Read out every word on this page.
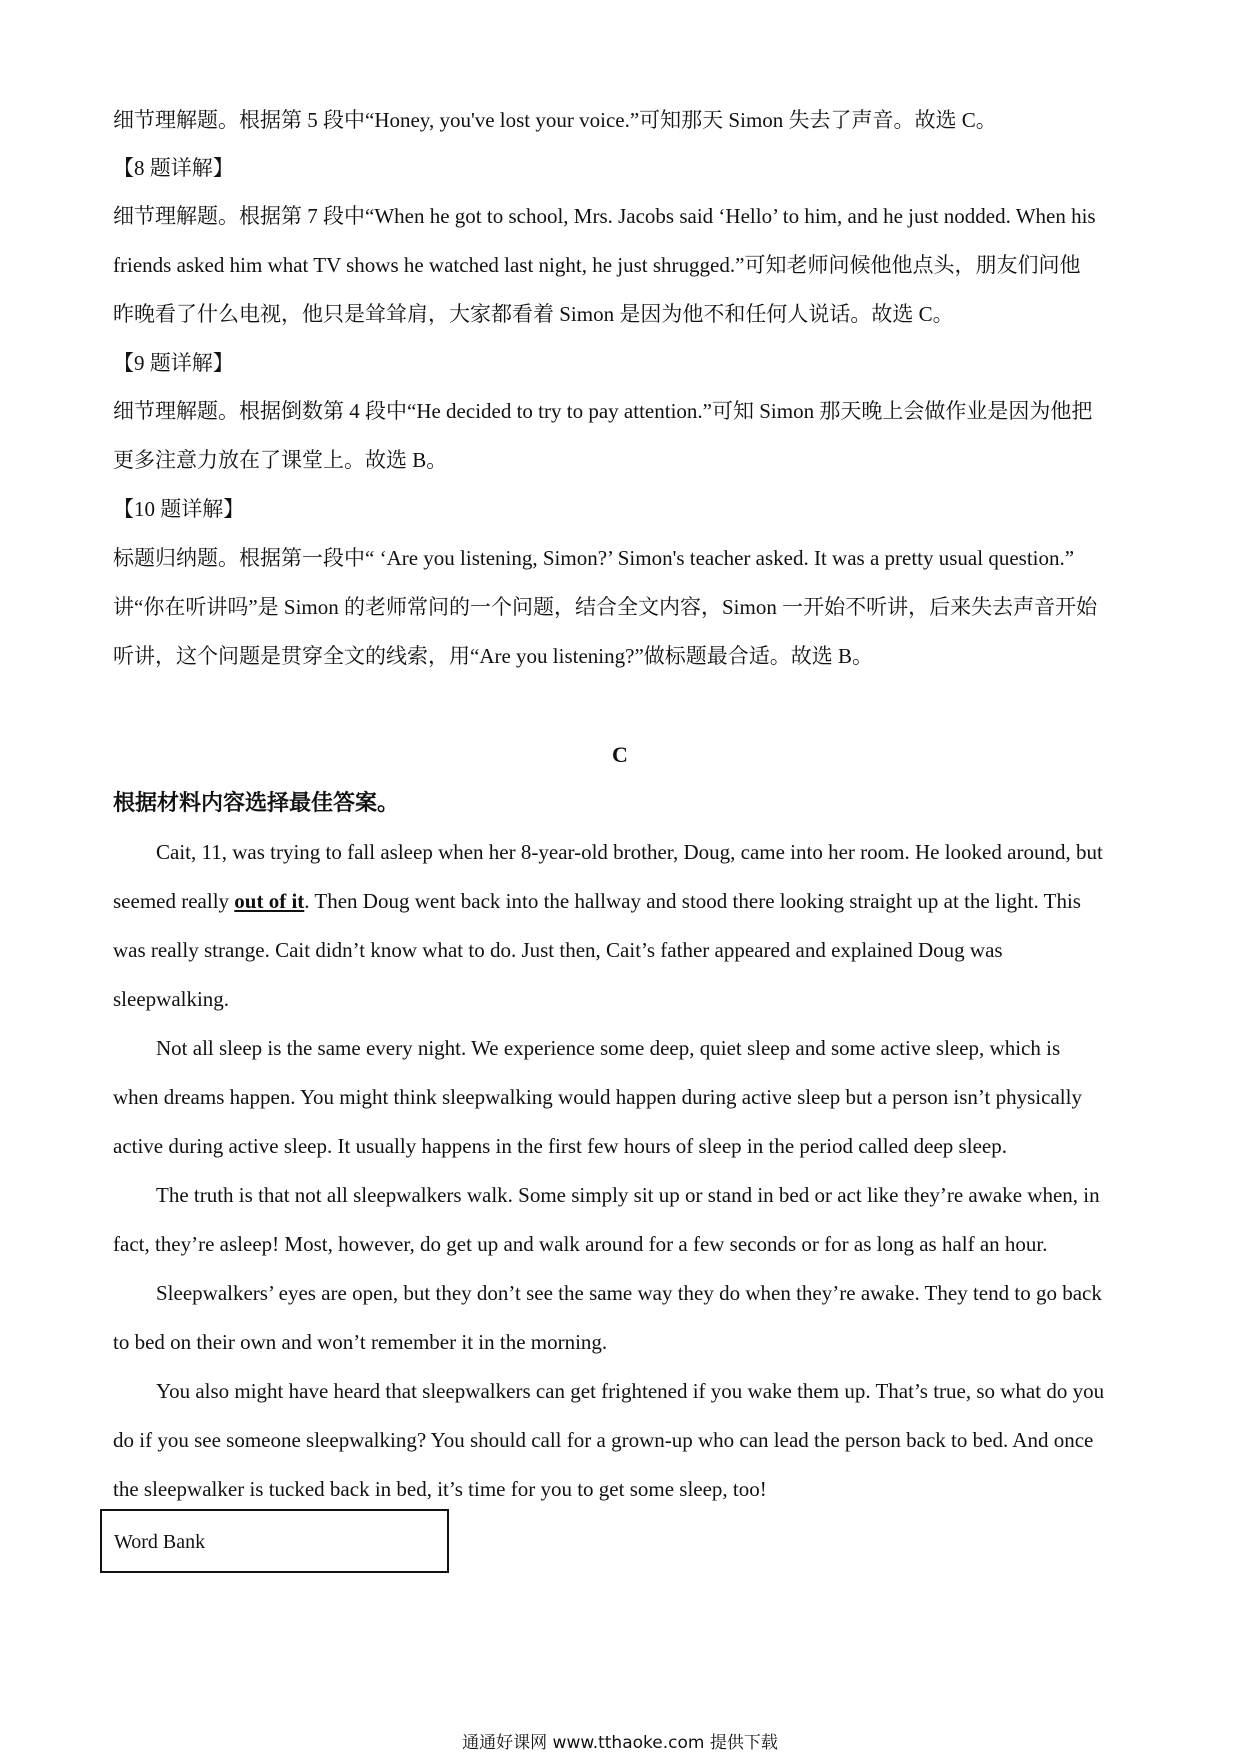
细节理解题。根据第 5 段中“Honey, you've lost your voice.”可知那天 Simon 失去了声音。故选 C。
【8 题详解】
细节理解题。根据第 7 段中“When he got to school, Mrs. Jacobs said ‘Hello’ to him, and he just nodded. When his
friends asked him what TV shows he watched last night, he just shrugged.”可知老师问候他他点头，朋友们问他
昨晚看了什么电视，他只是耸耸肩，大家都看着 Simon 是因为他不和任何人说话。故选 C。
【9 题详解】
细节理解题。根据倒数第 4 段中“He decided to try to pay attention.”可知 Simon 那天晚上会做作业是因为他把
更多注意力放在了课堂上。故选 B。
【10 题详解】
标题归纳题。根据第一段中“ ‘Are you listening, Simon?’ Simon's teacher asked. It was a pretty usual question.”
讲“你在听讲吗”是 Simon 的老师常问的一个问题，结合全文内容，Simon 一开始不听讲，后来失去声音开始
听讲，这个问题是贯穿全文的线索，用“Are you listening?”做标题最合适。故选 B。
C
根据材料内容选择最佳答案。
Cait, 11, was trying to fall asleep when her 8-year-old brother, Doug, came into her room. He looked around, but
seemed really out of it. Then Doug went back into the hallway and stood there looking straight up at the light. This
was really strange. Cait didn’t know what to do. Just then, Cait’s father appeared and explained Doug was
sleepwalking.
Not all sleep is the same every night. We experience some deep, quiet sleep and some active sleep, which is
when dreams happen. You might think sleepwalking would happen during active sleep but a person isn’t physically
active during active sleep. It usually happens in the first few hours of sleep in the period called deep sleep.
The truth is that not all sleepwalkers walk. Some simply sit up or stand in bed or act like they’re awake when, in
fact, they’re asleep! Most, however, do get up and walk around for a few seconds or for as long as half an hour.
Sleepwalkers’ eyes are open, but they don’t see the same way they do when they’re awake. They tend to go back
to bed on their own and won’t remember it in the morning.
You also might have heard that sleepwalkers can get frightened if you wake them up. That’s true, so what do you
do if you see someone sleepwalking? You should call for a grown-up who can lead the person back to bed. And once
the sleepwalker is tucked back in bed, it’s time for you to get some sleep, too!
Word Bank
通通好课网 www.tthaoke.com 提供下载
